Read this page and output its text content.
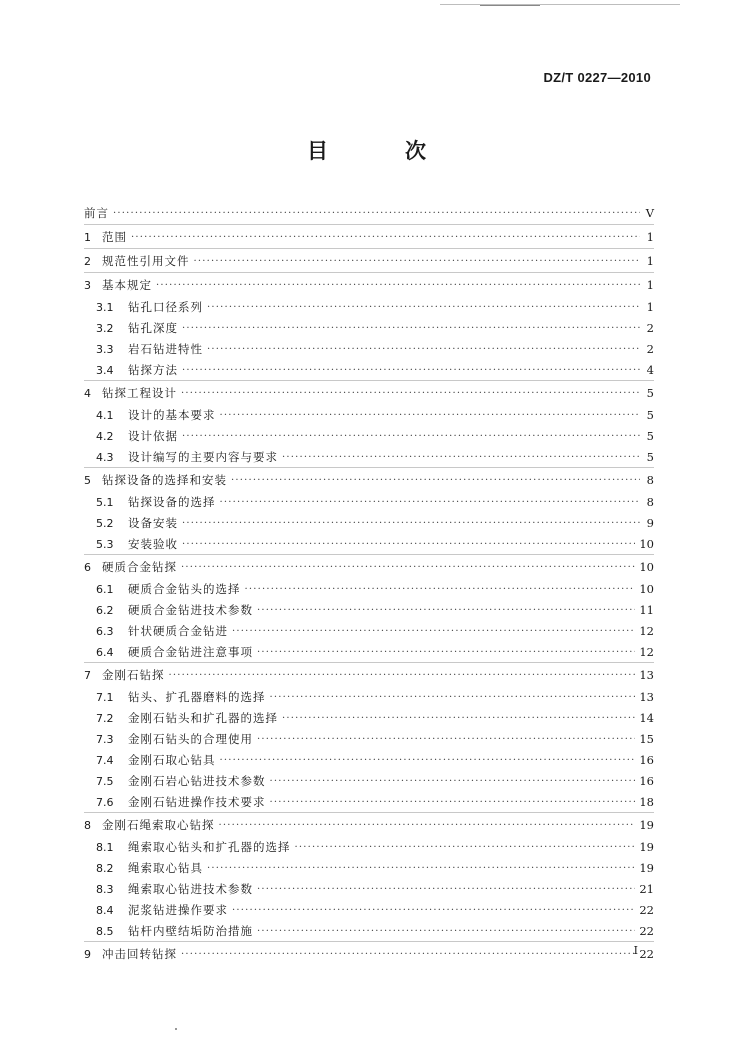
DZ/T 0227—2010
目　次
前言 ·····	V
1 范围 ·····	1
2 规范性引用文件 ·····	1
3 基本规定 ·····	1
3.1	钻孔口径系列 ·····	1
3.2	钻孔深度 ·····	2
3.3	岩石钻进特性 ·····	2
3.4	钻探方法 ·····	4
4 钻探工程设计 ·····	5
4.1	设计的基本要求 ·····	5
4.2	设计依据 ·····	5
4.3	设计编写的主要内容与要求 ·····	5
5 钻探设备的选择和安装 ·····	8
5.1	钻探设备的选择 ·····	8
5.2	设备安装 ·····	9
5.3	安装验收 ·····	10
6 硬质合金钻探 ·····	10
6.1	硬质合金钻头的选择 ·····	10
6.2	硬质合金钻进技术参数 ·····	11
6.3	针状硬质合金钻进 ·····	12
6.4	硬质合金钻进注意事项 ·····	12
7 金刚石钻探 ·····	13
7.1	钻头、扩孔器磨料的选择 ·····	13
7.2	金刚石钻头和扩孔器的选择 ·····	14
7.3	金刚石钻头的合理使用 ·····	15
7.4	金刚石取心钻具 ·····	16
7.5	金刚石岩心钻进技术参数 ·····	16
7.6	金刚石钻进操作技术要求 ·····	18
8 金刚石绳索取心钻探 ·····	19
8.1	绳索取心钻头和扩孔器的选择 ·····	19
8.2	绳索取心钻具 ·····	19
8.3	绳索取心钻进技术参数 ·····	21
8.4	泥浆钻进操作要求 ·····	22
8.5	钻杆内壁结垢防治措施 ·····	22
9 冲击回转钻探 ·····	22
I
